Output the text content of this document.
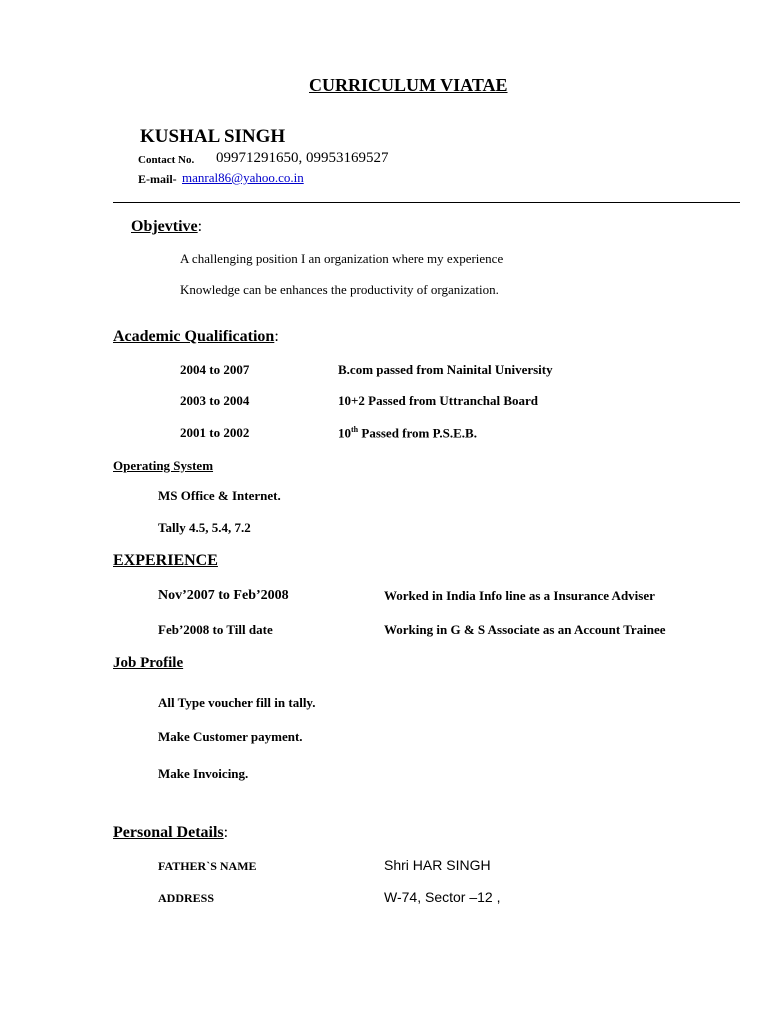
CURRICULUM VIATAE
KUSHAL SINGH
Contact No. 09971291650, 09953169527
E-mail- manral86@yahoo.co.in
Objevtive:
A challenging position I an organization where my experience
Knowledge can be enhances the productivity of organization.
Academic Qualification:
2004 to 2007	B.com passed from Nainital University
2003 to 2004	10+2 Passed from Uttranchal Board
2001 to 2002	10th Passed from P.S.E.B.
Operating System
MS Office & Internet.
Tally 4.5, 5.4, 7.2
EXPERIENCE
Nov’2007 to Feb’2008	Worked in India Info line as a Insurance Adviser
Feb’2008 to Till date	Working in G & S Associate as an Account Trainee
Job Profile
All Type voucher fill in tally.
Make Customer payment.
Make Invoicing.
Personal Details:
FATHER`S NAME	Shri HAR SINGH
ADDRESS	W-74, Sector –12 ,
